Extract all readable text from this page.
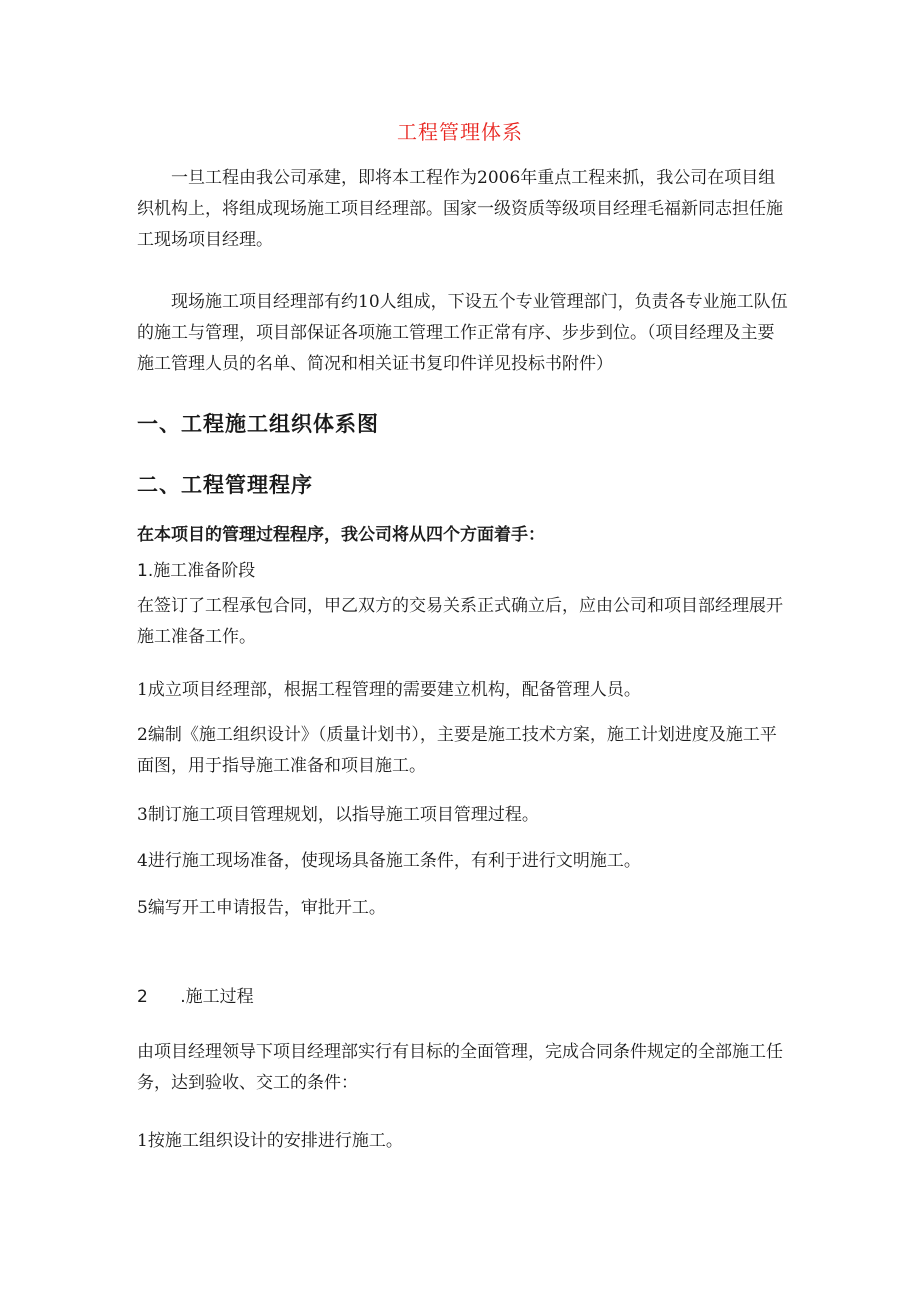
工程管理体系

一旦工程由我公司承建，即将本工程作为2006年重点工程来抓，我公司在项目组织机构上，将组成现场施工项目经理部。国家一级资质等级项目经理毛福新同志担任施工现场项目经理。

现场施工项目经理部有约10人组成，下设五个专业管理部门，负责各专业施工队伍的施工与管理，项目部保证各项施工管理工作正常有序、步步到位。（项目经理及主要施工管理人员的名单、简况和相关证书复印件详见投标书附件）

一、工程施工组织体系图
二、工程管理程序
在本项目的管理过程程序，我公司将从四个方面着手：
1.施工准备阶段

在签订了工程承包合同，甲乙双方的交易关系正式确立后，应由公司和项目部经理展开施工准备工作。

1成立项目经理部，根据工程管理的需要建立机构，配备管理人员。

2编制《施工组织设计》（质量计划书），主要是施工技术方案，施工计划进度及施工平面图，用于指导施工准备和项目施工。

3制订施工项目管理规划，以指导施工项目管理过程。

4进行施工现场准备，使现场具备施工条件，有利于进行文明施工。

5编写开工申请报告，审批开工。

2	.施工过程

由项目经理领导下项目经理部实行有目标的全面管理，完成合同条件规定的全部施工任务，达到验收、交工的条件：

1按施工组织设计的安排进行施工。
